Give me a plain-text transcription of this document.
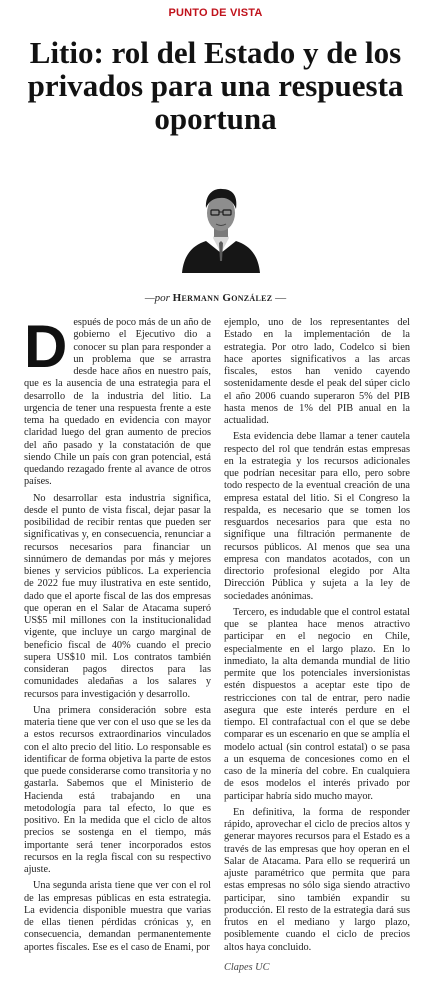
PUNTO DE VISTA
Litio: rol del Estado y de los privados para una respuesta oportuna
—por Hermann González —

Después de poco más de un año de gobierno el Ejecutivo dio a conocer su plan para responder a un problema que se arrastra desde hace años en nuestro país, que es la ausencia de una estrategia para el desarrollo de la industria del litio. La urgencia de tener una respuesta frente a este tema ha quedado en evidencia con mayor claridad luego del gran aumento de precios del año pasado y la constatación de que siendo Chile un país con gran potencial, está quedando rezagado frente al avance de otros países.

No desarrollar esta industria significa, desde el punto de vista fiscal, dejar pasar la posibilidad de recibir rentas que pueden ser significativas y, en consecuencia, renunciar a recursos necesarios para financiar un sinnúmero de demandas por más y mejores bienes y servicios públicos. La experiencia de 2022 fue muy ilustrativa en este sentido, dado que el aporte fiscal de las dos empresas que operan en el Salar de Atacama superó US$5 mil millones con la institucionalidad vigente, que incluye un cargo marginal de beneficio fiscal de 40% cuando el precio supera US$10 mil. Los contratos también consideran pagos directos para las comunidades aledañas a los salares y recursos para investigación y desarrollo.

Una primera consideración sobre esta materia tiene que ver con el uso que se les da a estos recursos extraordinarios vinculados con el alto precio del litio. Lo responsable es identificar de forma objetiva la parte de estos que puede considerarse como transitoria y no gastarla. Sabemos que el Ministerio de Hacienda está trabajando en una metodología para tal efecto, lo que es positivo. En la medida que el ciclo de altos precios se sostenga en el tiempo, más importante será tener incorporados estos recursos en la regla fiscal con su respectivo ajuste.

Una segunda arista tiene que ver con el rol de las empresas públicas en esta estrategia. La evidencia disponible muestra que varias de ellas tienen pérdidas crónicas y, en consecuencia, demandan permanentemente aportes fiscales. Ese es el caso de Enami, por

ejemplo, uno de los representantes del Estado en la implementación de la estrategia. Por otro lado, Codelco si bien hace aportes significativos a las arcas fiscales, estos han venido cayendo sostenidamente desde el peak del súper ciclo el año 2006 cuando superaron 5% del PIB hasta menos de 1% del PIB anual en la actualidad.

Esta evidencia debe llamar a tener cautela respecto del rol que tendrán estas empresas en la estrategia y los recursos adicionales que podrían necesitar para ello, pero sobre todo respecto de la eventual creación de una empresa estatal del litio. Si el Congreso la respalda, es necesario que se tomen los resguardos necesarios para que esta no signifique una filtración permanente de recursos públicos. Al menos que sea una empresa con mandatos acotados, con un directorio profesional elegido por Alta Dirección Pública y sujeta a la ley de sociedades anónimas.

Tercero, es indudable que el control estatal que se plantea hace menos atractivo participar en el negocio en Chile, especialmente en el largo plazo. En lo inmediato, la alta demanda mundial de litio permite que los potenciales inversionistas estén dispuestos a aceptar este tipo de restricciones con tal de entrar, pero nadie asegura que este interés perdure en el tiempo. El contrafactual con el que se debe comparar es un escenario en que se amplía el modelo actual (sin control estatal) o se pasa a un esquema de concesiones como en el caso de la minería del cobre. En cualquiera de esos modelos el interés privado por participar habría sido mucho mayor.

En definitiva, la forma de responder rápido, aprovechar el ciclo de precios altos y generar mayores recursos para el Estado es a través de las empresas que hoy operan en el Salar de Atacama. Para ello se requerirá un ajuste paramétrico que permita que para estas empresas no sólo siga siendo atractivo participar, sino también expandir su producción. El resto de la estrategia dará sus frutos en el mediano y largo plazo, posiblemente cuando el ciclo de precios altos haya concluido.

Clapes UC
